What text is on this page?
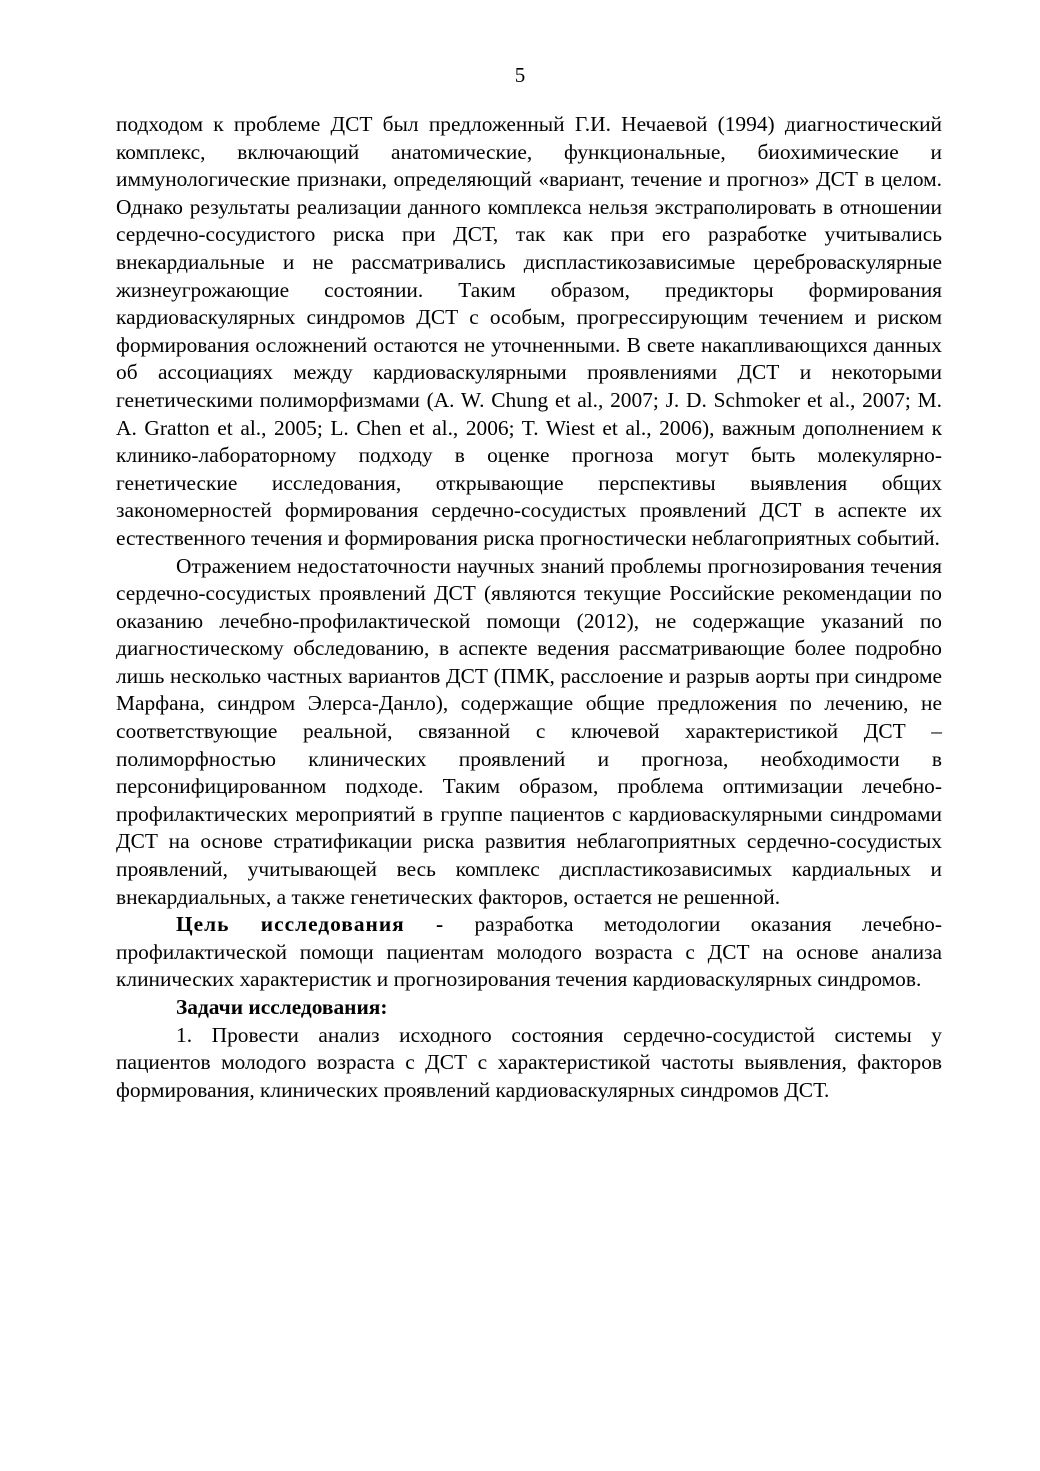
5

подходом к проблеме ДСТ был предложенный Г.И. Нечаевой (1994) диагностический комплекс, включающий анатомические, функциональные, биохимические и иммунологические признаки, определяющий «вариант, течение и прогноз» ДСТ в целом. Однако результаты реализации данного комплекса нельзя экстраполировать в отношении сердечно-сосудистого риска при ДСТ, так как при его разработке учитывались внекардиальные и не рассматривались диспластикозависимые цереброваскулярные жизнеугрожающие состоянии. Таким образом, предикторы формирования кардиоваскулярных синдромов ДСТ с особым, прогрессирующим течением и риском формирования осложнений остаются не уточненными. В свете накапливающихся данных об ассоциациях между кардиоваскулярными проявлениями ДСТ и некоторыми генетическими полиморфизмами (A. W. Chung et al., 2007; J. D. Schmoker et al., 2007; M. A. Gratton et al., 2005; L. Chen et al., 2006; T. Wiest et al., 2006), важным дополнением к клинико-лабораторному подходу в оценке прогноза могут быть молекулярно-генетические исследования, открывающие перспективы выявления общих закономерностей формирования сердечно-сосудистых проявлений ДСТ в аспекте их естественного течения и формирования риска прогностически неблагоприятных событий.

Отражением недостаточности научных знаний проблемы прогнозирования течения сердечно-сосудистых проявлений ДСТ (являются текущие Российские рекомендации по оказанию лечебно-профилактической помощи (2012), не содержащие указаний по диагностическому обследованию, в аспекте ведения рассматривающие более подробно лишь несколько частных вариантов ДСТ (ПМК, расслоение и разрыв аорты при синдроме Марфана, синдром Элерса-Данло), содержащие общие предложения по лечению, не соответствующие реальной, связанной с ключевой характеристикой ДСТ – полиморфностью клинических проявлений и прогноза, необходимости в персонифицированном подходе. Таким образом, проблема оптимизации лечебно-профилактических мероприятий в группе пациентов с кардиоваскулярными синдромами ДСТ на основе стратификации риска развития неблагоприятных сердечно-сосудистых проявлений, учитывающей весь комплекс диспластикозависимых кардиальных и внекардиальных, а также генетических факторов, остается не решенной.

Цель исследования - разработка методологии оказания лечебно-профилактической помощи пациентам молодого возраста с ДСТ на основе анализа клинических характеристик и прогнозирования течения кардиоваскулярных синдромов.

Задачи исследования:

1. Провести анализ исходного состояния сердечно-сосудистой системы у пациентов молодого возраста с ДСТ с характеристикой частоты выявления, факторов формирования, клинических проявлений кардиоваскулярных синдромов ДСТ.
